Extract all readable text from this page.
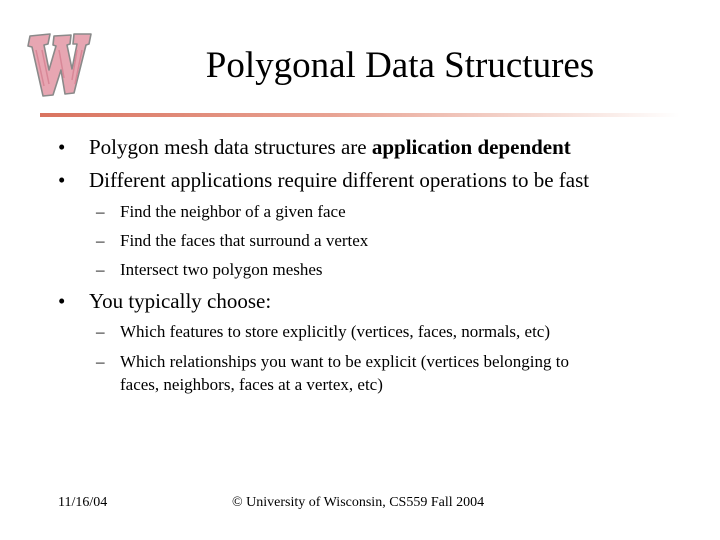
Polygonal Data Structures
•	Polygon mesh data structures are application dependent
•	Different applications require different operations to be fast
– Find the neighbor of a given face
– Find the faces that surround a vertex
– Intersect two polygon meshes
•	You typically choose:
– Which features to store explicitly (vertices, faces, normals, etc)
– Which relationships you want to be explicit (vertices belonging to
faces, neighbors, faces at a vertex, etc)
11/16/04	© University of Wisconsin, CS559 Fall 2004
